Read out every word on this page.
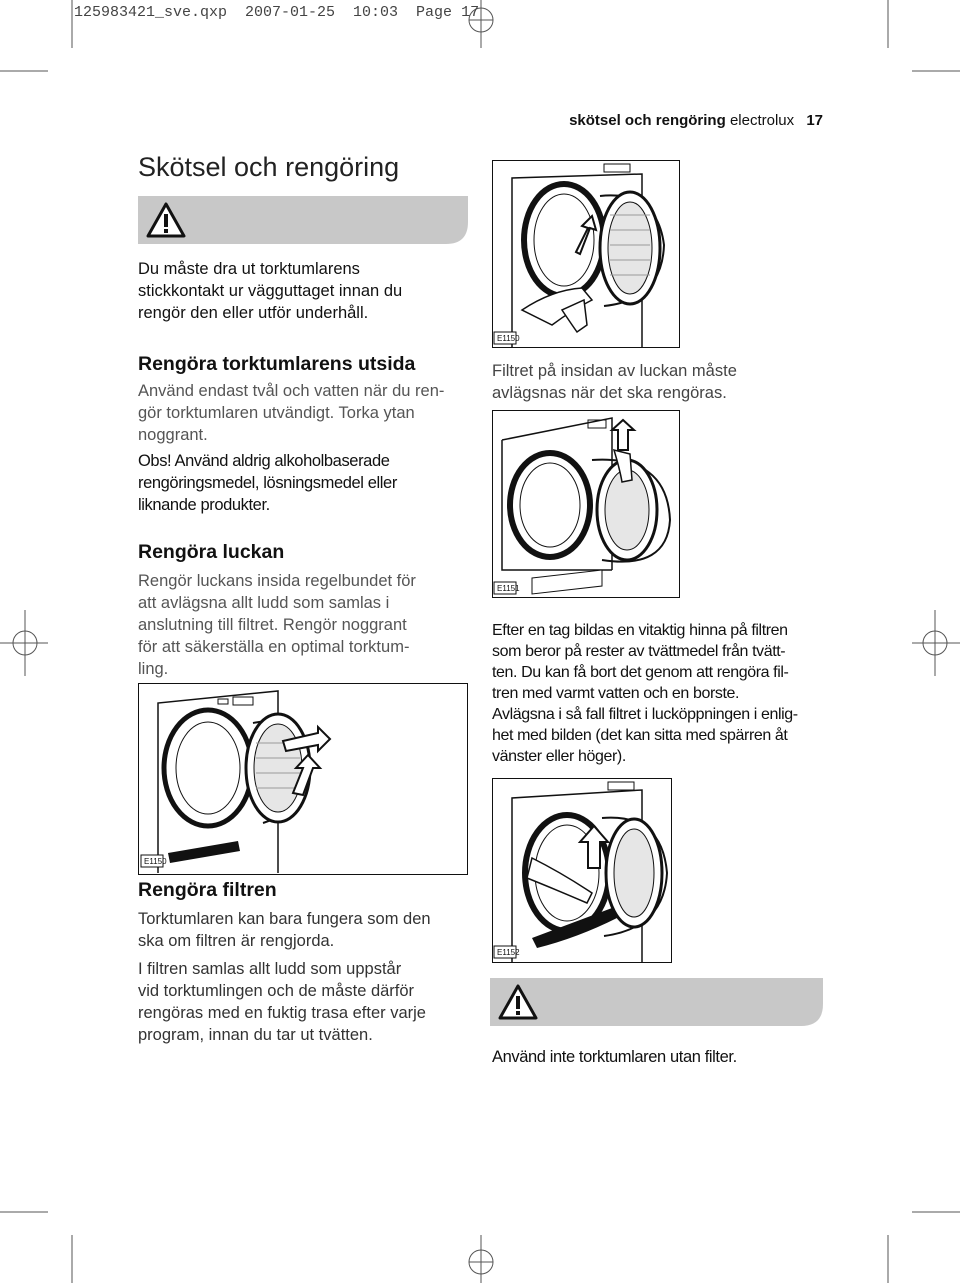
125983421_sve.qxp  2007-01-25  10:03  Page 17
skötsel och rengöring electrolux 17
Skötsel och rengöring
Du måste dra ut torktumlarens
stickkontakt ur vägguttaget innan du
rengör den eller utför underhåll.
Rengöra torktumlarens utsida
Använd endast tvål och vatten när du ren-
gör torktumlaren utvändigt. Torka ytan
noggrant.
Obs! Använd aldrig alkoholbaserade
rengöringsmedel, lösningsmedel eller
liknande produkter.
Rengöra luckan
Rengör luckans insida regelbundet för
att avlägsna allt ludd som samlas i
anslutning till filtret. Rengör noggrant
för att säkerställa en optimal torktum-
ling.
E1150
Rengöra filtren
Torktumlaren kan bara fungera som den
ska om filtren är rengjorda.
I filtren samlas allt ludd som uppstår
vid torktumlingen och de måste därför
rengöras med en fuktig trasa efter varje
program, innan du tar ut tvätten.
E1150
Filtret på insidan av luckan måste
avlägsnas när det ska rengöras.
E1151
Efter en tag bildas en vitaktig hinna på filtren
som beror på rester av tvättmedel från tvätt-
ten. Du kan få bort det genom att rengöra fil-
tren med varmt vatten och en borste.
Avlägsna i så fall filtret i lucköppningen i enlig-
het med bilden (det kan sitta med spärren åt
vänster eller höger).
E1152
Använd inte torktumlaren utan filter.
